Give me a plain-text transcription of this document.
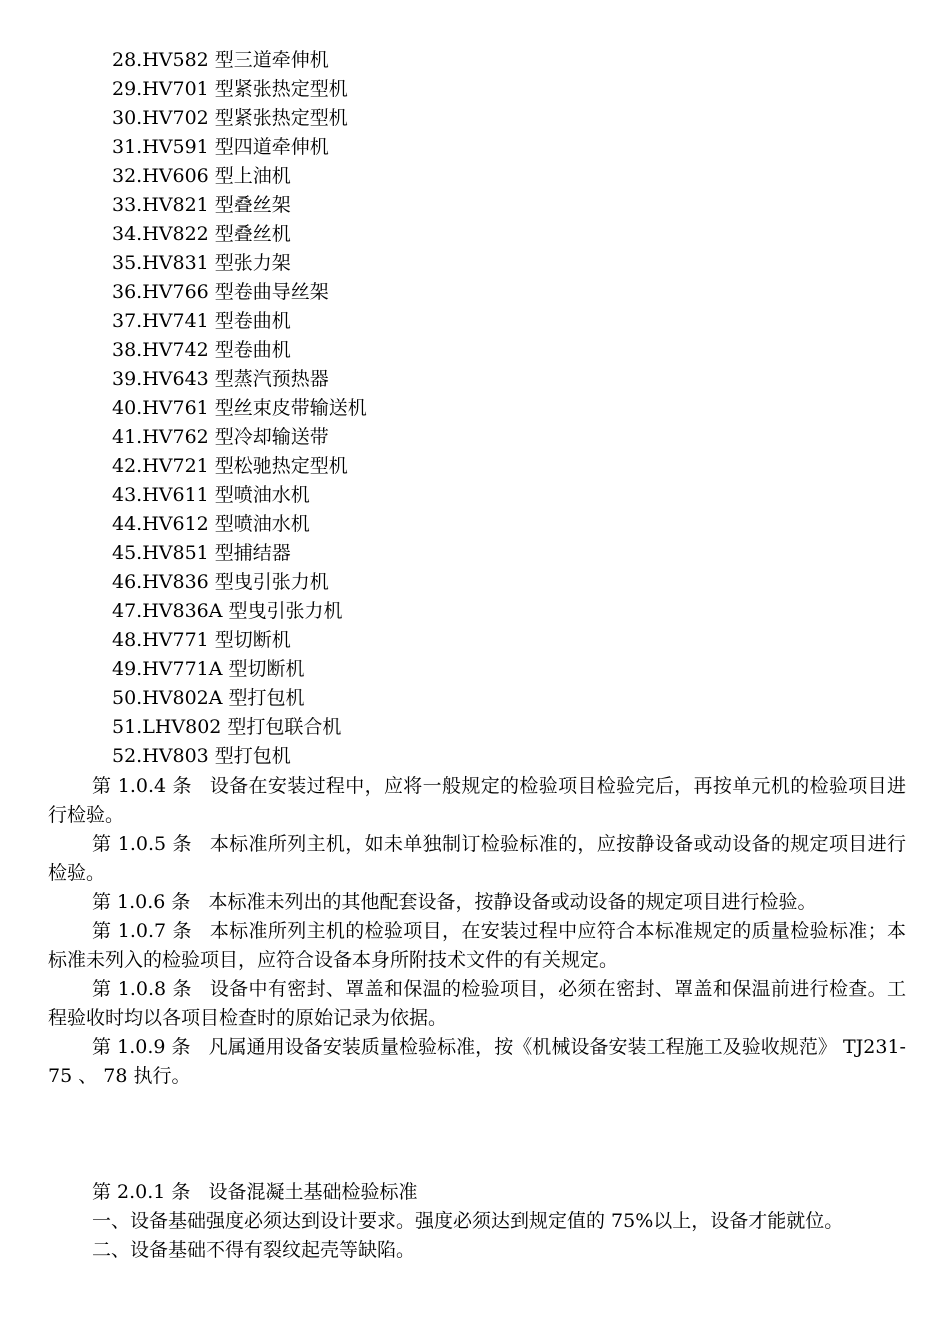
28.HV582 型三道牵伸机
29.HV701 型紧张热定型机
30.HV702 型紧张热定型机
31.HV591 型四道牵伸机
32.HV606 型上油机
33.HV821 型叠丝架
34.HV822 型叠丝机
35.HV831 型张力架
36.HV766 型卷曲导丝架
37.HV741 型卷曲机
38.HV742 型卷曲机
39.HV643 型蒸汽预热器
40.HV761 型丝束皮带输送机
41.HV762 型冷却输送带
42.HV721 型松驰热定型机
43.HV611 型喷油水机
44.HV612 型喷油水机
45.HV851 型捕结器
46.HV836 型曳引张力机
47.HV836A 型曳引张力机
48.HV771 型切断机
49.HV771A 型切断机
50.HV802A 型打包机
51.LHV802 型打包联合机
52.HV803 型打包机

第 1.0.4 条 设备在安装过程中，应将一般规定的检验项目检验完后，再按单元机的检验项目进行检验。

第 1.0.5 条 本标准所列主机，如未单独制订检验标准的，应按静设备或动设备的规定项目进行检验。

第 1.0.6 条 本标准未列出的其他配套设备，按静设备或动设备的规定项目进行检验。

第 1.0.7 条 本标准所列主机的检验项目，在安装过程中应符合本标准规定的质量检验标准；本标准未列入的检验项目，应符合设备本身所附技术文件的有关规定。

第 1.0.8 条 设备中有密封、罩盖和保温的检验项目，必须在密封、罩盖和保温前进行检查。工程验收时均以各项目检查时的原始记录为依据。

第 1.0.9 条 凡属通用设备安装质量检验标准，按《机械设备安装工程施工及验收规范》 TJ231-75 、 78 执行。

第 2.0.1 条 设备混凝土基础检验标准

一、设备基础强度必须达到设计要求。强度必须达到规定值的 75%以上，设备才能就位。

二、设备基础不得有裂纹起壳等缺陷。
